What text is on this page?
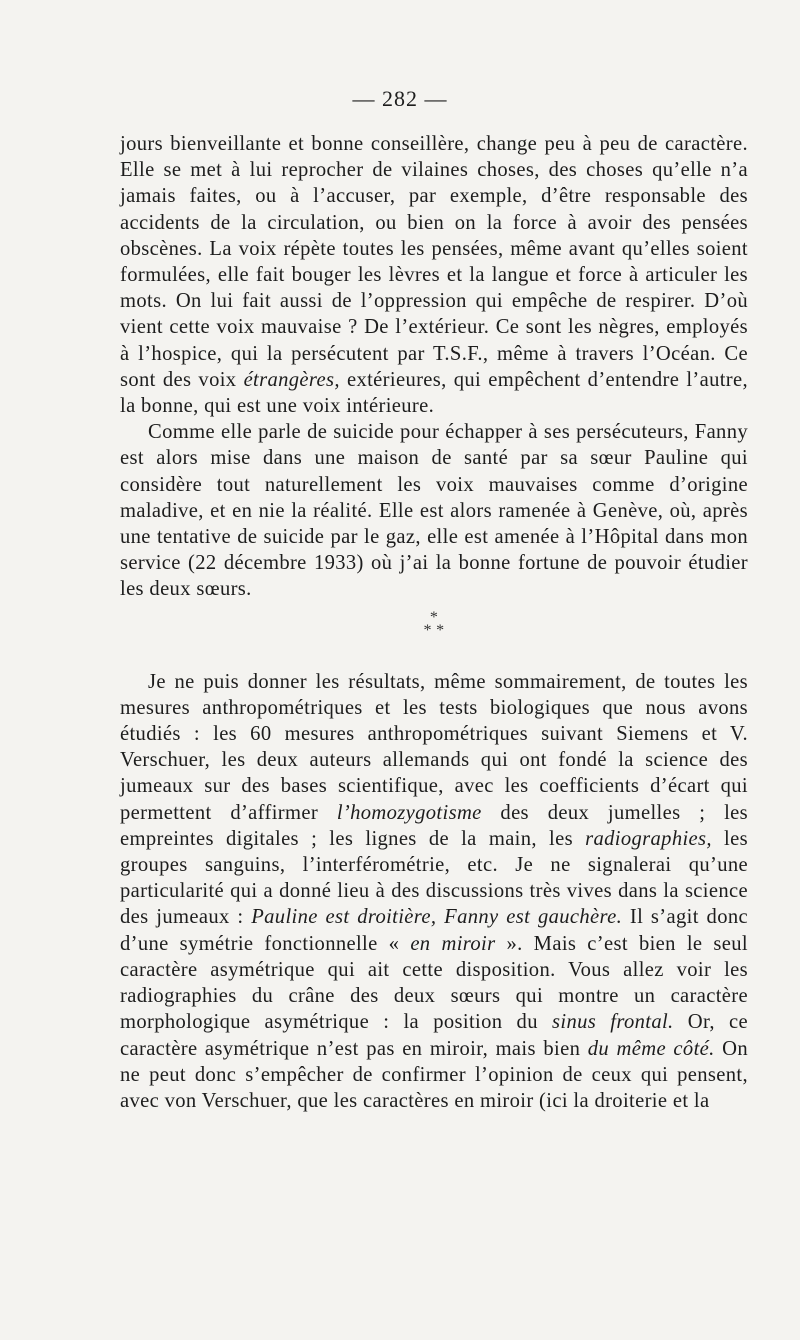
— 282 —

jours bienveillante et bonne conseillère, change peu à peu de caractère. Elle se met à lui reprocher de vilaines choses, des choses qu’elle n’a jamais faites, ou à l’accuser, par exemple, d’être responsable des accidents de la circulation, ou bien on la force à avoir des pensées obscènes. La voix répète toutes les pensées, même avant qu’elles soient formulées, elle fait bouger les lèvres et la langue et force à articuler les mots. On lui fait aussi de l’oppression qui empêche de respirer. D’où vient cette voix mauvaise ? De l’extérieur. Ce sont les nègres, employés à l’hospice, qui la persécutent par T.S.F., même à travers l’Océan. Ce sont des voix étrangères, extérieures, qui empêchent d’entendre l’autre, la bonne, qui est une voix intérieure.

Comme elle parle de suicide pour échapper à ses persécuteurs, Fanny est alors mise dans une maison de santé par sa sœur Pauline qui considère tout naturellement les voix mauvaises comme d’origine maladive, et en nie la réalité. Elle est alors ramenée à Genève, où, après une tentative de suicide par le gaz, elle est amenée à l’Hôpital dans mon service (22 décembre 1933) où j’ai la bonne fortune de pouvoir étudier les deux sœurs.

*
* *

Je ne puis donner les résultats, même sommairement, de toutes les mesures anthropométriques et les tests biologiques que nous avons étudiés : les 60 mesures anthropométriques suivant Siemens et V. Verschuer, les deux auteurs allemands qui ont fondé la science des jumeaux sur des bases scientifique, avec les coefficients d’écart qui permettent d’affirmer l’homozygotisme des deux jumelles ; les empreintes digitales ; les lignes de la main, les radiographies, les groupes sanguins, l’interférométrie, etc. Je ne signalerai qu’une particularité qui a donné lieu à des discussions très vives dans la science des jumeaux : Pauline est droitière, Fanny est gauchère. Il s’agit donc d’une symétrie fonctionnelle « en miroir ». Mais c’est bien le seul caractère asymétrique qui ait cette disposition. Vous allez voir les radiographies du crâne des deux sœurs qui montre un caractère morphologique asymétrique : la position du sinus frontal. Or, ce caractère asymétrique n’est pas en miroir, mais bien du même côté. On ne peut donc s’empêcher de confirmer l’opinion de ceux qui pensent, avec von Verschuer, que les caractères en miroir (ici la droiterie et la
